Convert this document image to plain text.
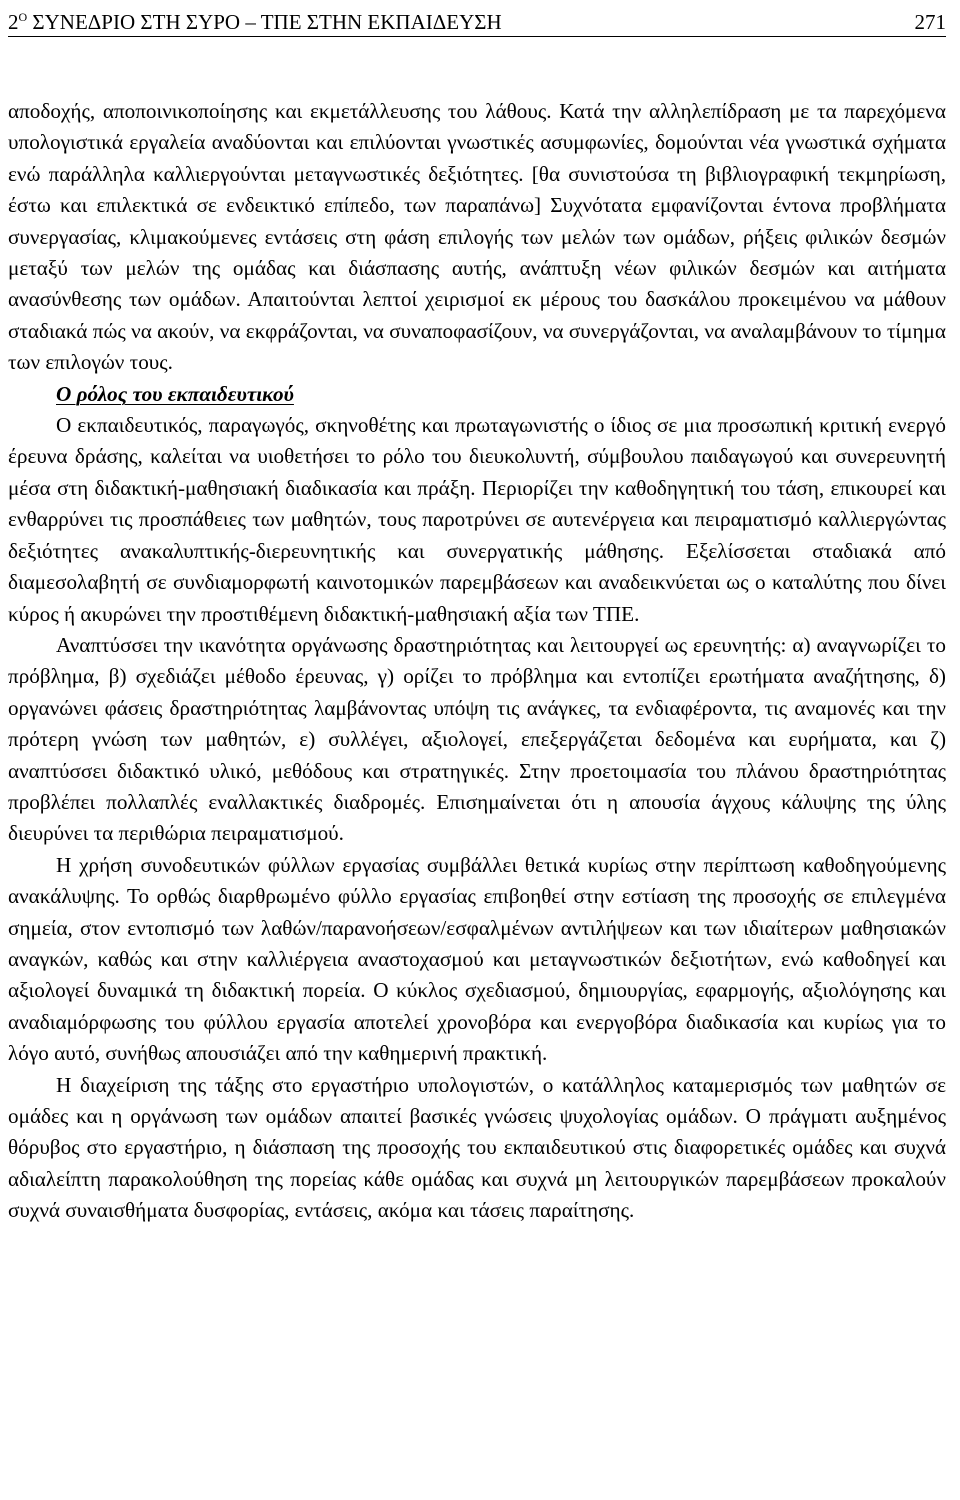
$2^O$ ΣΥΝΕΔΡΙΟ ΣΤΗ ΣΥΡΟ – ΤΠΕ ΣΤΗΝ ΕΚΠΑΙΔΕΥΣΗ	271

αποδοχής, αποποινικοποίησης και εκμετάλλευσης του λάθους. Κατά την αλληλεπίδραση με τα παρεχόμενα υπολογιστικά εργαλεία αναδύονται και επιλύονται γνωστικές ασυμφωνίες, δομούνται νέα γνωστικά σχήματα ενώ παράλληλα καλλιεργούνται μεταγνωστικές δεξιότητες. [θα συνιστούσα τη βιβλιογραφική τεκμηρίωση, έστω και επιλεκτικά σε ενδεικτικό επίπεδο, των παραπάνω] Συχνότατα εμφανίζονται έντονα προβλήματα συνεργασίας, κλιμακούμενες εντάσεις στη φάση επιλογής των μελών των ομάδων, ρήξεις φιλικών δεσμών μεταξύ των μελών της ομάδας και διάσπασης αυτής, ανάπτυξη νέων φιλικών δεσμών και αιτήματα ανασύνθεσης των ομάδων. Απαιτούνται λεπτοί χειρισμοί εκ μέρους του δασκάλου προκειμένου να μάθουν σταδιακά πώς να ακούν, να εκφράζονται, να συναποφασίζουν, να συνεργάζονται, να αναλαμβάνουν το τίμημα των επιλογών τους.

Ο ρόλος του εκπαιδευτικού

Ο εκπαιδευτικός, παραγωγός, σκηνοθέτης και πρωταγωνιστής ο ίδιος σε μια προσωπική κριτική ενεργό έρευνα δράσης, καλείται να υιοθετήσει το ρόλο του διευκολυντή, σύμβουλου παιδαγωγού και συνερευνητή μέσα στη διδακτική-μαθησιακή διαδικασία και πράξη. Περιορίζει την καθοδηγητική του τάση, επικουρεί και ενθαρρύνει τις προσπάθειες των μαθητών, τους παροτρύνει σε αυτενέργεια και πειραματισμό καλλιεργώντας δεξιότητες ανακαλυπτικής-διερευνητικής και συνεργατικής μάθησης. Εξελίσσεται σταδιακά από διαμεσολαβητή σε συνδιαμορφωτή καινοτομικών παρεμβάσεων και αναδεικνύεται ως ο καταλύτης που δίνει κύρος ή ακυρώνει την προστιθέμενη διδακτική-μαθησιακή αξία των ΤΠΕ.

Αναπτύσσει την ικανότητα οργάνωσης δραστηριότητας και λειτουργεί ως ερευνητής: α) αναγνωρίζει το πρόβλημα, β) σχεδιάζει μέθοδο έρευνας, γ) ορίζει το πρόβλημα και εντοπίζει ερωτήματα αναζήτησης, δ) οργανώνει φάσεις δραστηριότητας λαμβάνοντας υπόψη τις ανάγκες, τα ενδιαφέροντα, τις αναμονές και την πρότερη γνώση των μαθητών, ε) συλλέγει, αξιολογεί, επεξεργάζεται δεδομένα και ευρήματα, και ζ) αναπτύσσει διδακτικό υλικό, μεθόδους και στρατηγικές. Στην προετοιμασία του πλάνου δραστηριότητας προβλέπει πολλαπλές εναλλακτικές διαδρομές. Επισημαίνεται ότι η απουσία άγχους κάλυψης της ύλης διευρύνει τα περιθώρια πειραματισμού.

Η χρήση συνοδευτικών φύλλων εργασίας συμβάλλει θετικά κυρίως στην περίπτωση καθοδηγούμενης ανακάλυψης. Το ορθώς διαρθρωμένο φύλλο εργασίας επιβοηθεί στην εστίαση της προσοχής σε επιλεγμένα σημεία, στον εντοπισμό των λαθών/παρανοήσεων/εσφαλμένων αντιλήψεων και των ιδιαίτερων μαθησιακών αναγκών, καθώς και στην καλλιέργεια αναστοχασμού και μεταγνωστικών δεξιοτήτων, ενώ καθοδηγεί και αξιολογεί δυναμικά τη διδακτική πορεία. Ο κύκλος σχεδιασμού, δημιουργίας, εφαρμογής, αξιολόγησης και αναδιαμόρφωσης του φύλλου εργασία αποτελεί χρονοβόρα και ενεργοβόρα διαδικασία και κυρίως για το λόγο αυτό, συνήθως απουσιάζει από την καθημερινή πρακτική.

Η διαχείριση της τάξης στο εργαστήριο υπολογιστών, ο κατάλληλος καταμερισμός των μαθητών σε ομάδες και η οργάνωση των ομάδων απαιτεί βασικές γνώσεις ψυχολογίας ομάδων. Ο πράγματι αυξημένος θόρυβος στο εργαστήριο, η διάσπαση της προσοχής του εκπαιδευτικού στις διαφορετικές ομάδες και συχνά αδιαλείπτη παρακολούθηση της πορείας κάθε ομάδας και συχνά μη λειτουργικών παρεμβάσεων προκαλούν συχνά συναισθήματα δυσφορίας, εντάσεις, ακόμα και τάσεις παραίτησης.
